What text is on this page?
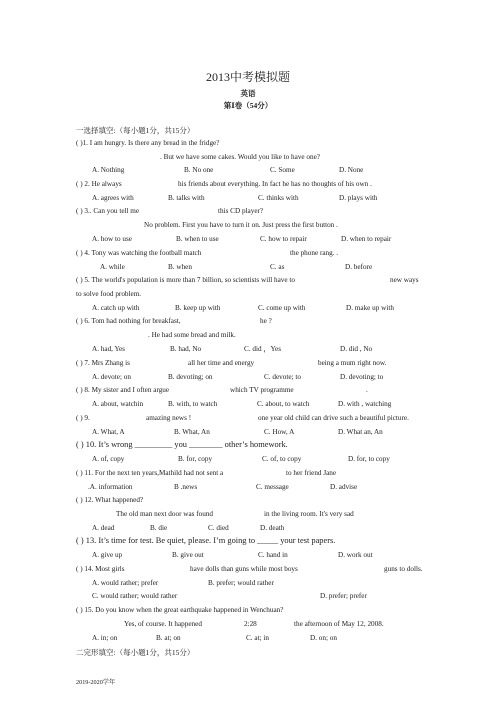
2013中考模拟题
英语
第Ⅰ卷（54分）
一选择填空:（每小题1分，共15分）
( )1. I am hungry. Is there any bread in the fridge?
. But we have some cakes. Would you like to have one?
A. Nothing	B. No one	C. Some	D. None
( ) 2. He always	his friends about everything. In fact he has no thoughts of his own .
A. agrees with	B. talks with	C. thinks with	D. plays with
( ) 3.. Can you tell me	this CD player?
No problem. First you have to turn it on. Just press the first button .
A. how to use	B. when to use	C. how to repair	D. when to repair
( ) 4. Tony was watching the football match	the phone rang. .
A. while	B. when	C. as	D. before
( ) 5. The world's population is more than 7 billion, so scientists will have to	new ways
to solve food problem.
A. catch up with	B. keep up with	C. come up with	D. make up with
( ) 6. Tom had nothing for breakfast,	he ?
. He had some bread and milk.
A. had, Yes	B. had, No	C. did ，Yes	D. did , No
( ) 7. Mrs Zhang is	all her time and energy	being a mum right now.
A. devote; on	B. devoting; on	C. devote; to	D. devoting; to
( ) 8. My sister and I often argue	which TV programme	.
A. about, watchin	B. with, to watch	C. about, to watch	D. with , watching
( ) 9.	amazing news !	one year old child can drive such a beautiful picture.
A. What, A	B. What, An	C. How, A	D. What an, An
( ) 10. It’s wrong _________ you ________ other’s homework.
A. of, copy	B. for, copy	C. of, to copy	D. for, to copy
( ) 11. For the next ten years,Mathild had not sent a	to her friend Jane
.A. information	B .news	C. message	D. advise
( ) 12. What happened?
The old man next door was found	in the living room. It's very sad
A. dead	B. die	C. died	D. death
( ) 13. It’s time for test. Be quiet, please. I’m going to _____ your test papers.
A. give up	B. give out	C. hand in	D. work out
( ) 14. Most girls	have dolls than guns while most boys	guns to dolls.
A. would rather; prefer	B. prefer; would rather
C. would rather; would rather	D. prefer; prefer
( ) 15. Do you know when the great earthquake happened in Wenchuan?
Yes, of course. It happened	2:28	the afternoon of May 12, 2008.
A. in; on	B. at; on	C. at; in	D. on; on
二完形填空:（每小题1分，共15分）
2019-2020学年
